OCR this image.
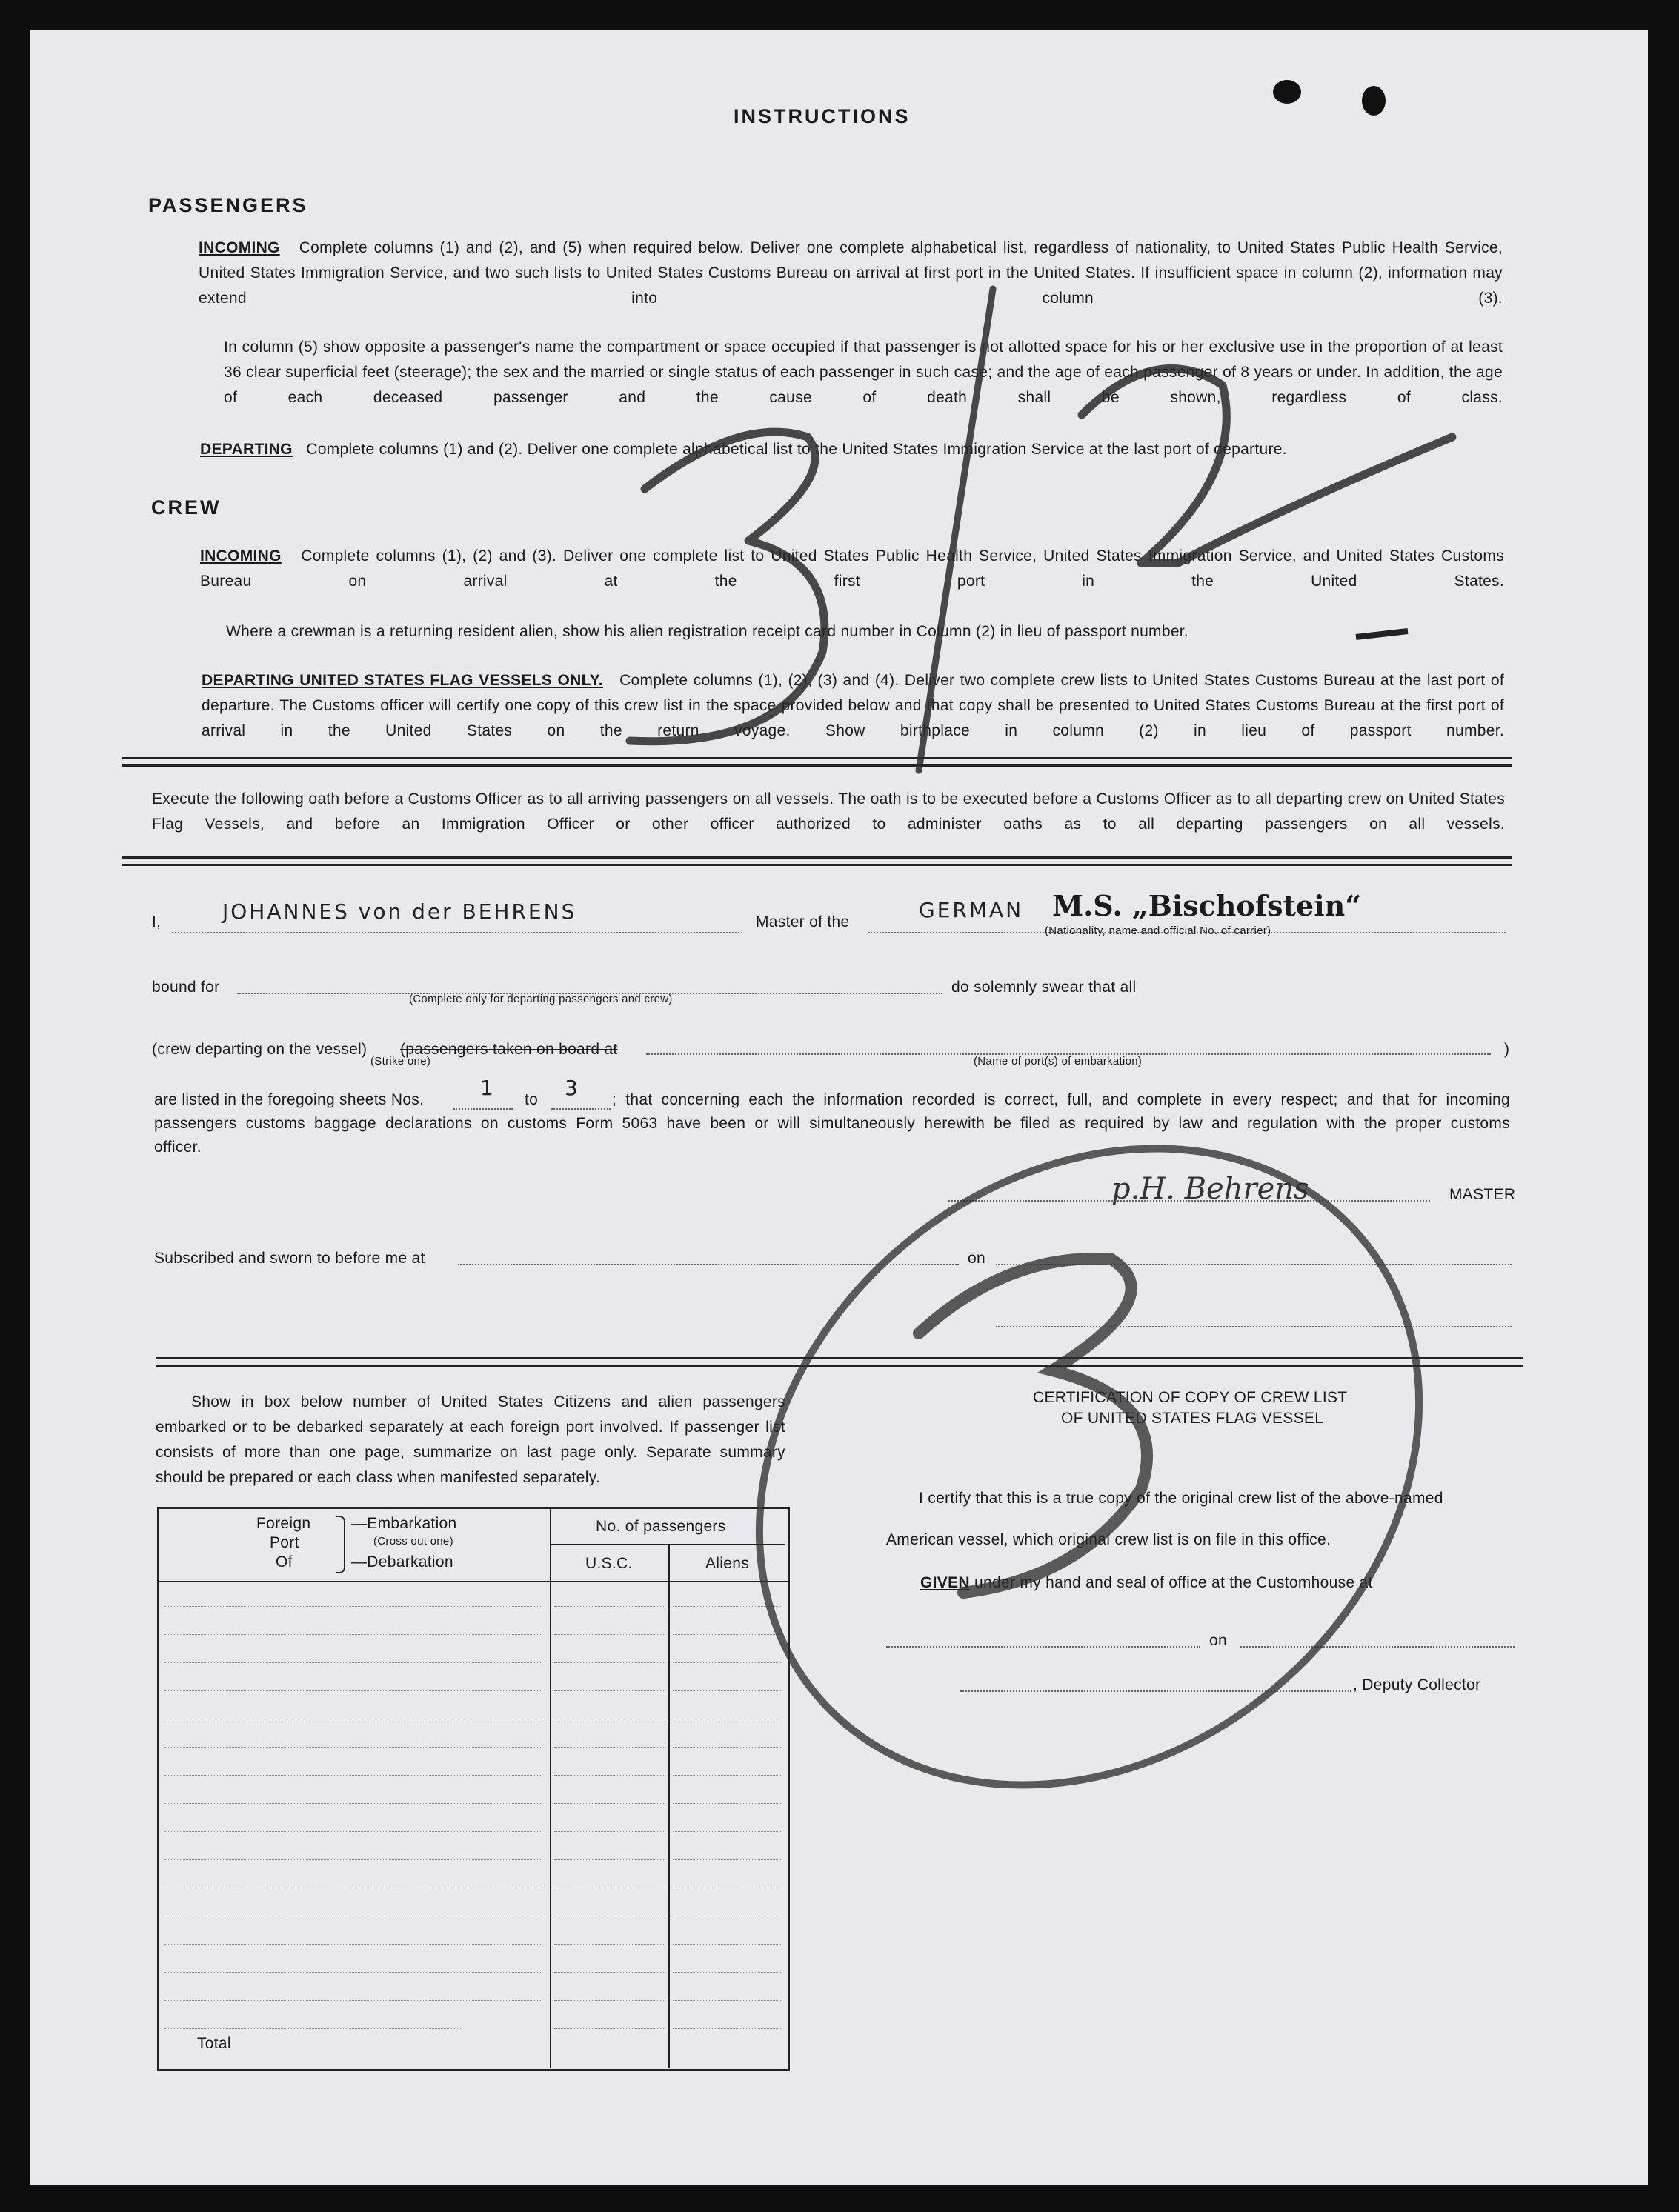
INSTRUCTIONS
PASSENGERS
INCOMING Complete columns (1) and (2), and (5) when required below. Deliver one complete alphabetical list, regardless of nationality, to United States Public Health Service, United States Immigration Service, and two such lists to United States Customs Bureau on arrival at first port in the United States. If insufficient space in column (2), information may extend into column (3).
In column (5) show opposite a passenger's name the compartment or space occupied if that passenger is not allotted space for his or her exclusive use in the proportion of at least 36 clear superficial feet (steerage); the sex and the married or single status of each passenger in such case; and the age of each passenger of 8 years or under. In addition, the age of each deceased passenger and the cause of death shall be shown, regardless of class.
DEPARTING Complete columns (1) and (2). Deliver one complete alphabetical list to the United States Immigration Service at the last port of departure.
CREW
INCOMING Complete columns (1), (2) and (3). Deliver one complete list to United States Public Health Service, United States Immigration Service, and United States Customs Bureau on arrival at the first port in the United States.
Where a crewman is a returning resident alien, show his alien registration receipt card number in Column (2) in lieu of passport number.
DEPARTING UNITED STATES FLAG VESSELS ONLY. Complete columns (1), (2), (3) and (4). Deliver two complete crew lists to United States Customs Bureau at the last port of departure. The Customs officer will certify one copy of this crew list in the space provided below and that copy shall be presented to United States Customs Bureau at the first port of arrival in the United States on the return voyage. Show birthplace in column (2) in lieu of passport number.
Execute the following oath before a Customs Officer as to all arriving passengers on all vessels. The oath is to be executed before a Customs Officer as to all departing crew on United States Flag Vessels, and before an Immigration Officer or other officer authorized to administer oaths as to all departing passengers on all vessels.
I,	JOHANNES von der BEHRENS	Master of the	GERMAN M.S. „Bischofstein“
(Nationality, name and official No. of carrier)
bound for
(Complete only for departing passengers and crew)
do solemnly swear that all
(crew departing on the vessel) (passengers taken on board at
(Strike one)	(Name of port(s) of embarkation)
)
are listed in the foregoing sheets Nos.	1 to 3 ; that concerning each the information recorded is correct, full, and complete in every respect; and that for incoming
passengers customs baggage declarations on customs Form 5063 have been or will simultaneously herewith be filed as required by law and regulation with the proper customs
officer.
p.H. Behrens	MASTER
Subscribed and sworn to before me at	on
Show in box below number of United States Citizens and alien passengers embarked or to be debarked separately at each foreign port involved. If passenger list consists of more than one page, summarize on last page only. Separate summary should be prepared or each class when manifested separately.
Foreign
Port
Of
—Embarkation
(Cross out one)
—Debarkation
No. of passengers
U.S.C.	Aliens
Total
CERTIFICATION OF COPY OF CREW LIST
OF UNITED STATES FLAG VESSEL
I certify that this is a true copy of the original crew list of the above-named
American vessel, which original crew list is on file in this office.
GIVEN under my hand and seal of office at the Customhouse at
on
, Deputy Collector
